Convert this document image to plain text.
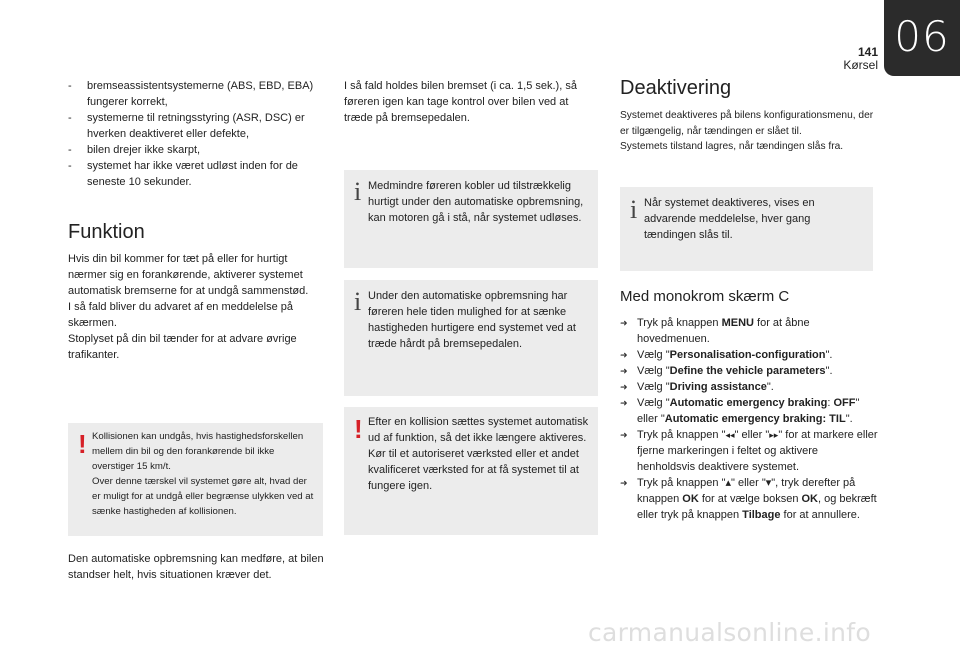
06
141
Kørsel
- bremseassistentsystemerne (ABS, EBD, EBA) fungerer korrekt,
- systemerne til retningsstyring (ASR, DSC) er hverken deaktiveret eller defekte,
- bilen drejer ikke skarpt,
- systemet har ikke været udløst inden for de seneste 10 sekunder.
Funktion

Hvis din bil kommer for tæt på eller for hurtigt nærmer sig en forankørende, aktiverer systemet automatisk bremserne for at undgå sammenstød.

I så fald bliver du advaret af en meddelelse på skærmen.

Stoplyset på din bil tænder for at advare øvrige trafikanter.

! Kollisionen kan undgås, hvis hastighedsforskellen mellem din bil og den forankørende bil ikke overstiger 15 km/t.

Over denne tærskel vil systemet gøre alt, hvad der er muligt for at undgå eller begrænse ulykken ved at sænke hastigheden af kollisionen.

Den automatiske opbremsning kan medføre, at bilen standser helt, hvis situationen kræver det.
I så fald holdes bilen bremset (i ca. 1,5 sek.), så føreren igen kan tage kontrol over bilen ved at træde på bremsepedalen.
i Medmindre føreren kobler ud tilstrækkelig hurtigt under den automatiske opbremsning, kan motoren gå i stå, når systemet udløses.
i Under den automatiske opbremsning har føreren hele tiden mulighed for at sænke hastigheden hurtigere end systemet ved at træde hårdt på bremsepedalen.
! Efter en kollision sættes systemet automatisk ud af funktion, så det ikke længere aktiveres.

Kør til et autoriseret værksted eller et andet kvalificeret værksted for at få systemet til at fungere igen.

Deaktivering

Systemet deaktiveres på bilens konfigurationsmenu, der er tilgængelig, når tændingen er slået til.

Systemets tilstand lagres, når tændingen slås fra.

i Når systemet deaktiveres, vises en advarende meddelelse, hver gang tændingen slås til.
Med monokrom skærm C
➜ Tryk på knappen MENU for at åbne hovedmenuen.
➜ Vælg "Personalisation-configuration".
➜ Vælg "Define the vehicle parameters".
➜ Vælg "Driving assistance".
➜ Vælg "Automatic emergency braking: OFF" eller "Automatic emergency braking: TIL".
➜ Tryk på knappen "◂◂" eller "▸▸" for at markere eller fjerne markeringen i feltet og aktivere henholdsvis deaktivere systemet.
➜ Tryk på knappen "▴" eller "▾", tryk derefter på knappen OK for at vælge boksen OK, og bekræft eller tryk på knappen Tilbage for at annullere.
carmanualsonline.info
